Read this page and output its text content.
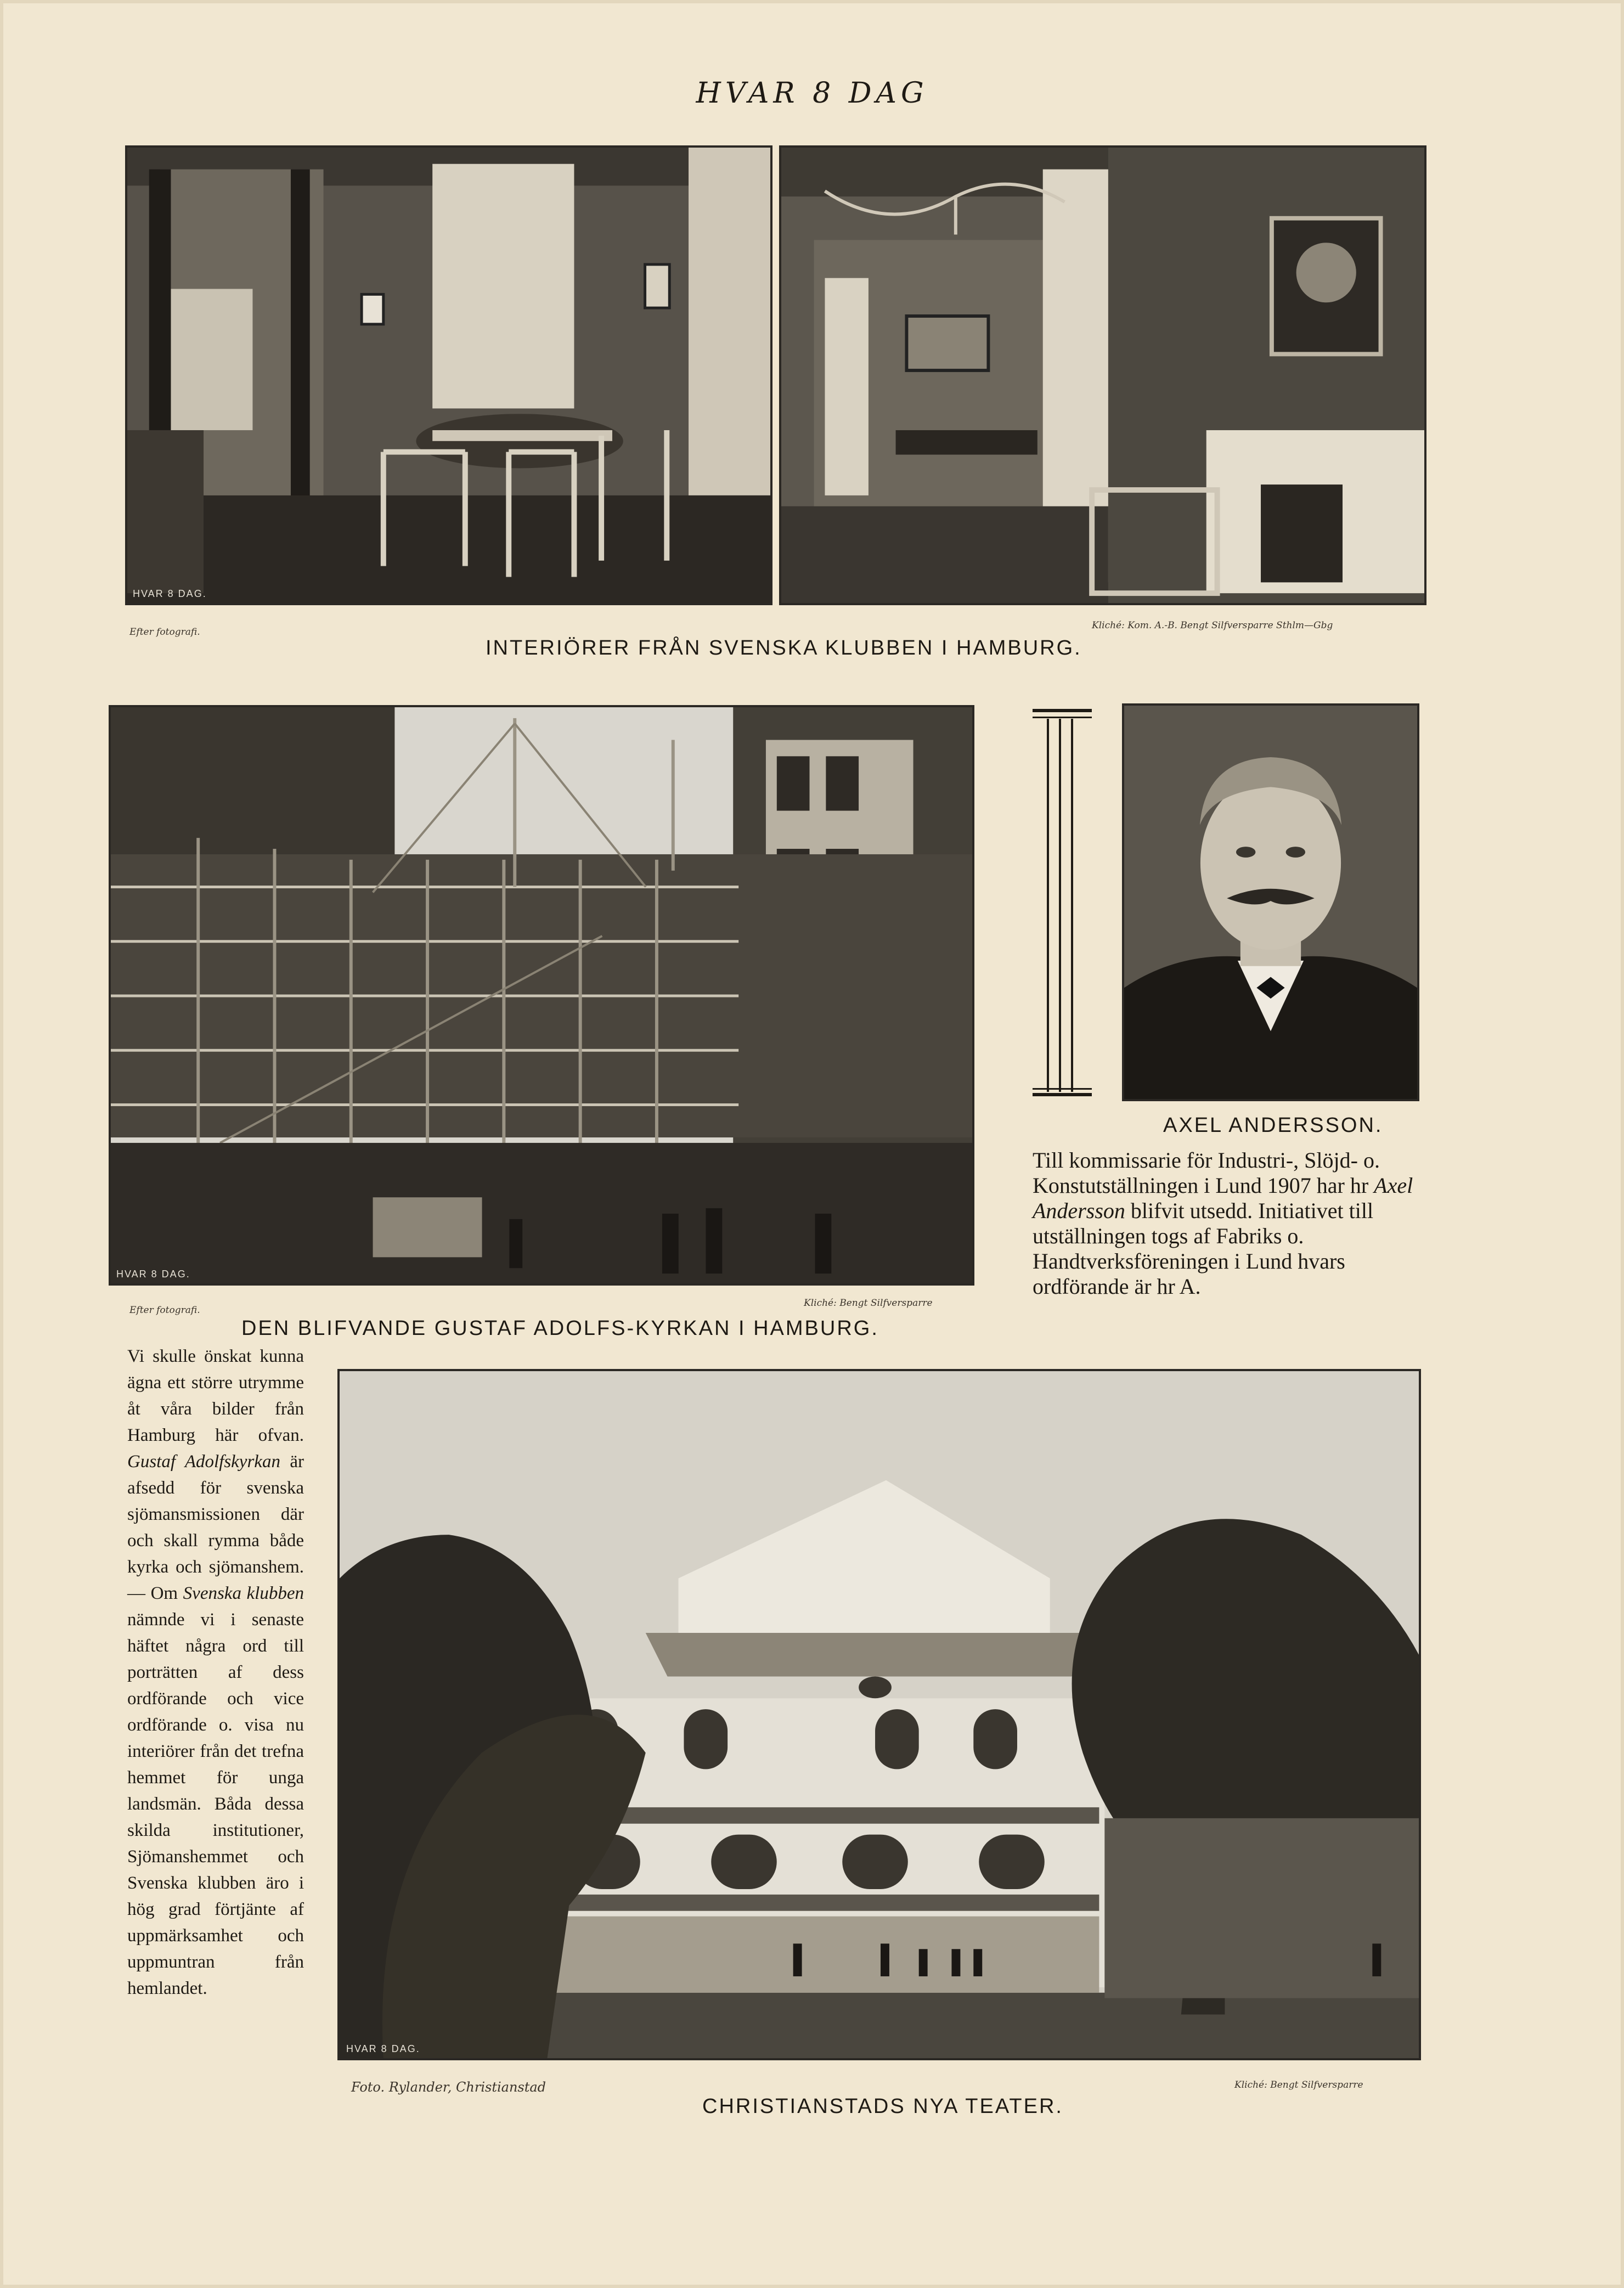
HVAR 8 DAG
HVAR 8 DAG.
Efter fotografi.
INTERIÖRER FRÅN SVENSKA KLUBBEN I HAMBURG.
Kliché: Kom. A.-B. Bengt Silfversparre Sthlm—Gbg
HVAR 8 DAG.
Efter fotografi.
DEN BLIFVANDE GUSTAF ADOLFS-KYRKAN I HAMBURG.
Kliché: Bengt Silfversparre
AXEL ANDERSSON.

Till kommissarie för Industri-, Slöjd- o. Konstutställningen i Lund 1907 har hr Axel Andersson blifvit utsedd. Initiativet till utställningen togs af Fabriks o. Handtverksföreningen i Lund hvars ordförande är hr A.

Vi skulle önskat kunna ägna ett större utrymme åt våra bilder från Hamburg här ofvan. Gustaf Adolfskyrkan är afsedd för svenska sjömansmissionen där och skall rymma både kyrka och sjömanshem. — Om Svenska klubben nämnde vi i senaste häftet några ord till porträtten af dess ordförande och vice ordförande o. visa nu interiörer från det trefna hemmet för unga landsmän. Båda dessa skilda institutioner, Sjömanshemmet och Svenska klubben äro i hög grad förtjänte af uppmärksamhet och uppmuntran från hemlandet.

HVAR 8 DAG.
Foto. Rylander, Christianstad
CHRISTIANSTADS NYA TEATER.
Kliché: Bengt Silfversparre
